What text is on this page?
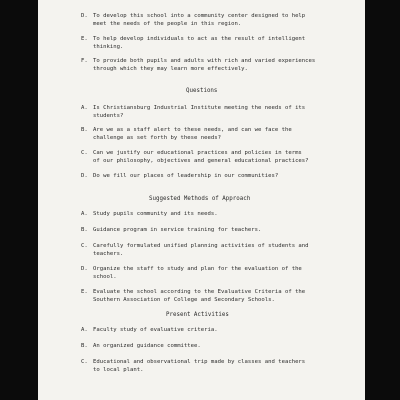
D. To develop this school into a community center designed to help
meet the needs of the people in this region.
E. To help develop individuals to act as the result of intelligent
thinking.
F. To provide both pupils and adults with rich and varied experiences
through which they may learn more effectively.
Questions
A. Is Christiansburg Industrial Institute meeting the needs of its
students?
B. Are we as a staff alert to these needs, and can we face the
challenge as set forth by these needs?
C. Can we justify our educational practices and policies in terms
of our philosophy, objectives and general educational practices?
D. Do we fill our places of leadership in our communities?
Suggested Methods of Approach
A. Study pupils community and its needs.
B. Guidance program in service training for teachers.
C. Carefully formulated unified planning activities of students and
teachers.
D. Organize the staff to study and plan for the evaluation of the
school.
E. Evaluate the school according to the Evaluative Criteria of the
Southern Association of College and Secondary Schools.
Present Activities
A. Faculty study of evaluative criteria.
B. An organized guidance committee.
C. Educational and observational trip made by classes and teachers
to local plant.
